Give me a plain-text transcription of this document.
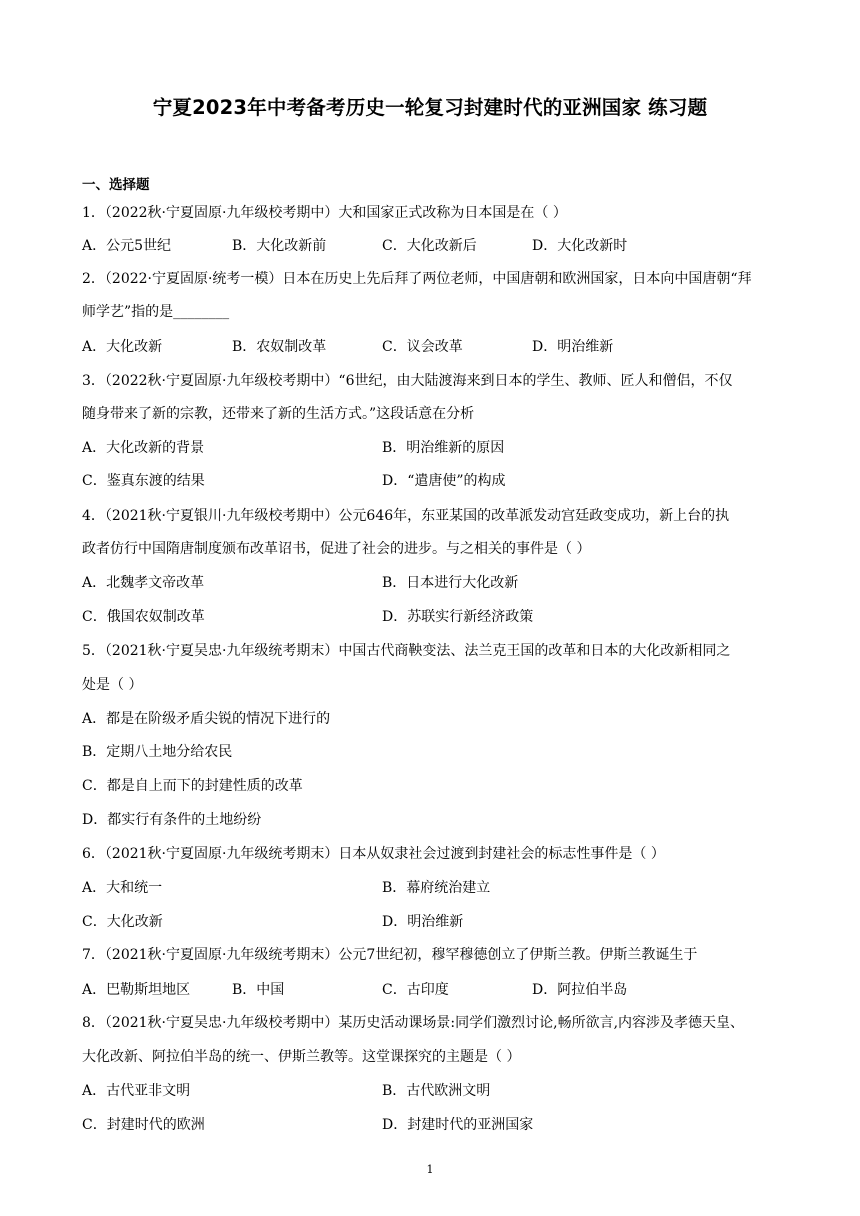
宁夏2023年中考备考历史一轮复习封建时代的亚洲国家 练习题
一、选择题
1．（2022秋·宁夏固原·九年级校考期中）大和国家正式改称为日本国是在（ ）
A．公元5世纪	B．大化改新前	C．大化改新后	D．大化改新时
2．（2022·宁夏固原·统考一模）日本在历史上先后拜了两位老师，中国唐朝和欧洲国家，日本向中国唐朝“拜
师学艺”指的是________
A．大化改新	B．农奴制改革	C．议会改革	D．明治维新
3．（2022秋·宁夏固原·九年级校考期中）“6世纪，由大陆渡海来到日本的学生、教师、匠人和僧侣，不仅
随身带来了新的宗教，还带来了新的生活方式。”这段话意在分析
A．大化改新的背景	B．明治维新的原因
C．鉴真东渡的结果	D．“遣唐使”的构成
4．（2021秋·宁夏银川·九年级校考期中）公元646年，东亚某国的改革派发动宫廷政变成功，新上台的执
政者仿行中国隋唐制度颁布改革诏书，促进了社会的进步。与之相关的事件是（ ）
A．北魏孝文帝改革	B．日本进行大化改新
C．俄国农奴制改革	D．苏联实行新经济政策
5．（2021秋·宁夏吴忠·九年级统考期末）中国古代商鞅变法、法兰克王国的改革和日本的大化改新相同之
处是（ ）
A．都是在阶级矛盾尖锐的情况下进行的
B．定期八土地分给农民
C．都是自上而下的封建性质的改革
D．都实行有条件的土地纷纷
6．（2021秋·宁夏固原·九年级统考期末）日本从奴隶社会过渡到封建社会的标志性事件是（ ）
A．大和统一	B．幕府统治建立
C．大化改新	D．明治维新
7．（2021秋·宁夏固原·九年级统考期末）公元7世纪初，穆罕穆德创立了伊斯兰教。伊斯兰教诞生于
A．巴勒斯坦地区	B．中国	C．古印度	D．阿拉伯半岛
8．（2021秋·宁夏吴忠·九年级校考期中）某历史活动课场景:同学们激烈讨论,畅所欲言,内容涉及孝德天皇、
大化改新、阿拉伯半岛的统一、伊斯兰教等。这堂课探究的主题是（ ）
A．古代亚非文明	B．古代欧洲文明
C．封建时代的欧洲	D．封建时代的亚洲国家
1
